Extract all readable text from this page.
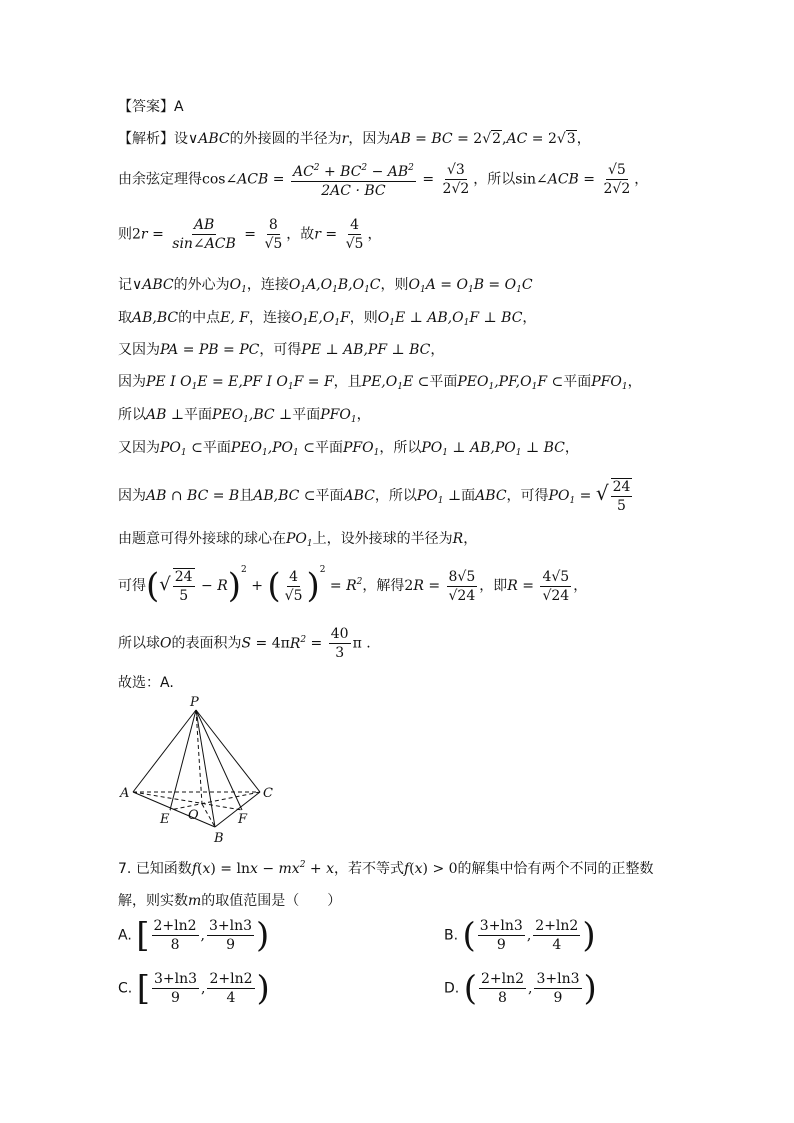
【答案】A
【解析】设∨ABC的外接圆的半径为r，因为AB = BC = 2√2,AC = 2√3，
由余弦定理得cos∠ACB = $\frac{AC^2 + BC^2 - AB^2}{2AC \cdot BC} = \frac{√3}{2√2}$ ，所以sin∠ACB = $\frac{√5}{2√2}$ ，
则$2r = \frac{AB}{\text{sin∠ACB}} = \frac{8}{√5}$ ，故$r = \frac{4}{√5}$ ，
记∨ABC的外心为$O_1$，连接$O_1A,O_1B,O_1C$，则$O_1A = O_1B = O_1C$
取AB,BC的中点E, F，连接$O_1E,O_1F$，则$O_1E$ ⊥ $AB,O_1F$ ⊥ BC，
又因为PA = PB = PC，可得PE ⊥ AB,PF ⊥ BC，
因为PE I $O_1E = E,PF$ I $O_1F = F$，且$PE,O_1E$ ⊂平面$PEO_1,PF,O_1F$ ⊂平面$PFO_1$，
所以AB ⊥平面$PEO_1,BC$ ⊥平面$PFO_1$，
又因为$PO_1$ ⊂平面$PEO_1,PO_1$ ⊂平面$PFO_1$，所以$PO_1$ ⊥ $AB,PO_1$ ⊥ BC，
因为AB ∩ BC = B且AB,BC ⊂平面ABC，所以$PO_1$ ⊥面ABC，可得$PO_1$ = √ $\frac{24}{5}$
由题意可得外接球的球心在$PO_1$上，设外接球的半径为R，
可得(√ $\frac{24}{5} - R)^2$ + ( $\frac{4}{√5} )^2 = R^2$，解得$2R = \frac{8√5}{√24}$ ，即$R = \frac{4√5}{√24}$ ，
所以球O的表面积为$S = 4\pi R^2 = \frac{40}{3}$ π .
故选：A.
P
A	C
E O
B
F
7. 已知函数$f(x) = \ln x - mx^2 + x$，若不等式f(x) > 0的解集中恰有两个不同的正整数
解，则实数m的取值范围是（　　）
A. [ $\frac{2+\ln 2}{8}$ , $\frac{3+\ln 3}{9}$ )	B. ( $\frac{3+\ln 3}{9}$ , $\frac{2+\ln 2}{4}$ )
C. [ $\frac{3+\ln 3}{9}$ , $\frac{2+\ln 2}{4}$ )	D. ( $\frac{2+\ln 2}{8}$ , $\frac{3+\ln 3}{9}$ )
